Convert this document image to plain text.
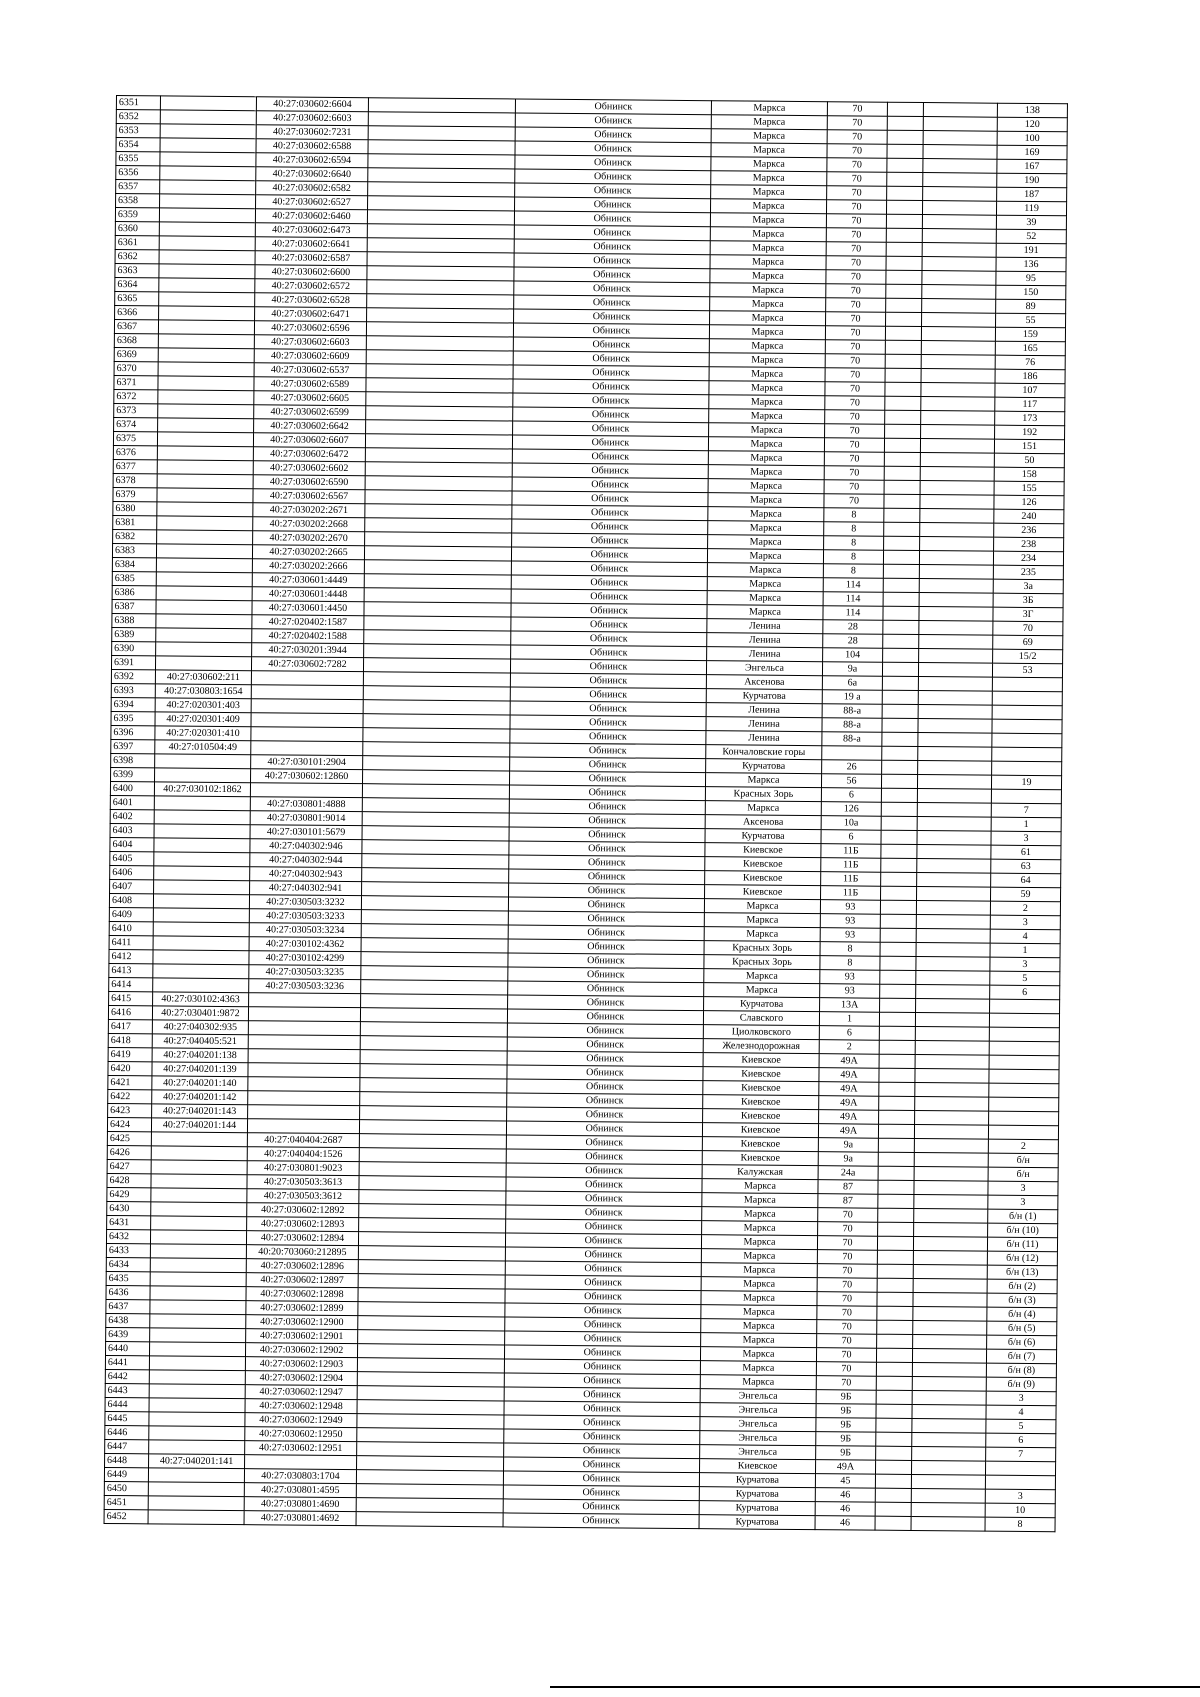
6351		40:27:030602:6604		Обнинск	Маркса	70			138
6352		40:27:030602:6603		Обнинск	Маркса	70			120
6353		40:27:030602:7231		Обнинск	Маркса	70			100
6354		40:27:030602:6588		Обнинск	Маркса	70			169
6355		40:27:030602:6594		Обнинск	Маркса	70			167
6356		40:27:030602:6640		Обнинск	Маркса	70			190
6357		40:27:030602:6582		Обнинск	Маркса	70			187
6358		40:27:030602:6527		Обнинск	Маркса	70			119
6359		40:27:030602:6460		Обнинск	Маркса	70			39
6360		40:27:030602:6473		Обнинск	Маркса	70			52
6361		40:27:030602:6641		Обнинск	Маркса	70			191
6362		40:27:030602:6587		Обнинск	Маркса	70			136
6363		40:27:030602:6600		Обнинск	Маркса	70			95
6364		40:27:030602:6572		Обнинск	Маркса	70			150
6365		40:27:030602:6528		Обнинск	Маркса	70			89
6366		40:27:030602:6471		Обнинск	Маркса	70			55
6367		40:27:030602:6596		Обнинск	Маркса	70			159
6368		40:27:030602:6603		Обнинск	Маркса	70			165
6369		40:27:030602:6609		Обнинск	Маркса	70			76
6370		40:27:030602:6537		Обнинск	Маркса	70			186
6371		40:27:030602:6589		Обнинск	Маркса	70			107
6372		40:27:030602:6605		Обнинск	Маркса	70			117
6373		40:27:030602:6599		Обнинск	Маркса	70			173
6374		40:27:030602:6642		Обнинск	Маркса	70			192
6375		40:27:030602:6607		Обнинск	Маркса	70			151
6376		40:27:030602:6472		Обнинск	Маркса	70			50
6377		40:27:030602:6602		Обнинск	Маркса	70			158
6378		40:27:030602:6590		Обнинск	Маркса	70			155
6379		40:27:030602:6567		Обнинск	Маркса	70			126
6380		40:27:030202:2671		Обнинск	Маркса	8			240
6381		40:27:030202:2668		Обнинск	Маркса	8			236
6382		40:27:030202:2670		Обнинск	Маркса	8			238
6383		40:27:030202:2665		Обнинск	Маркса	8			234
6384		40:27:030202:2666		Обнинск	Маркса	8			235
6385		40:27:030601:4449		Обнинск	Маркса	114			3а
6386		40:27:030601:4448		Обнинск	Маркса	114			3Б
6387		40:27:030601:4450		Обнинск	Маркса	114			3Г
6388		40:27:020402:1587		Обнинск	Ленина	28			70
6389		40:27:020402:1588		Обнинск	Ленина	28			69
6390		40:27:030201:3944		Обнинск	Ленина	104			15/2
6391		40:27:030602:7282		Обнинск	Энгельса	9а			53
6392	40:27:030602:211			Обнинск	Аксенова	6а			
6393	40:27:030803:1654			Обнинск	Курчатова	19 а			
6394	40:27:020301:403			Обнинск	Ленина	88-а			
6395	40:27:020301:409			Обнинск	Ленина	88-а			
6396	40:27:020301:410			Обнинск	Ленина	88-а			
6397	40:27:010504:49			Обнинск	Кончаловские горы				
6398		40:27:030101:2904		Обнинск	Курчатова	26			
6399		40:27:030602:12860		Обнинск	Маркса	56			19
6400	40:27:030102:1862			Обнинск	Красных Зорь	6			
6401		40:27:030801:4888		Обнинск	Маркса	126			7
6402		40:27:030801:9014		Обнинск	Аксенова	10а			1
6403		40:27:030101:5679		Обнинск	Курчатова	6			3
6404		40:27:040302:946		Обнинск	Киевское	11Б			61
6405		40:27:040302:944		Обнинск	Киевское	11Б			63
6406		40:27:040302:943		Обнинск	Киевское	11Б			64
6407		40:27:040302:941		Обнинск	Киевское	11Б			59
6408		40:27:030503:3232		Обнинск	Маркса	93			2
6409		40:27:030503:3233		Обнинск	Маркса	93			3
6410		40:27:030503:3234		Обнинск	Маркса	93			4
6411		40:27:030102:4362		Обнинск	Красных Зорь	8			1
6412		40:27:030102:4299		Обнинск	Красных Зорь	8			3
6413		40:27:030503:3235		Обнинск	Маркса	93			5
6414		40:27:030503:3236		Обнинск	Маркса	93			6
6415	40:27:030102:4363			Обнинск	Курчатова	13А			
6416	40:27:030401:9872			Обнинск	Славского	1			
6417	40:27:040302:935			Обнинск	Циолковского	6			
6418	40:27:040405:521			Обнинск	Железнодорожная	2			
6419	40:27:040201:138			Обнинск	Киевское	49А			
6420	40:27:040201:139			Обнинск	Киевское	49А			
6421	40:27:040201:140			Обнинск	Киевское	49А			
6422	40:27:040201:142			Обнинск	Киевское	49А			
6423	40:27:040201:143			Обнинск	Киевское	49А			
6424	40:27:040201:144			Обнинск	Киевское	49А			
6425		40:27:040404:2687		Обнинск	Киевское	9а			2
6426		40:27:040404:1526		Обнинск	Киевское	9а			б/н
6427		40:27:030801:9023		Обнинск	Калужская	24а			б/н
6428		40:27:030503:3613		Обнинск	Маркса	87			3
6429		40:27:030503:3612		Обнинск	Маркса	87			3
6430		40:27:030602:12892		Обнинск	Маркса	70			б/н (1)
6431		40:27:030602:12893		Обнинск	Маркса	70			б/н (10)
6432		40:27:030602:12894		Обнинск	Маркса	70			б/н (11)
6433		40:20:703060:212895		Обнинск	Маркса	70			б/н (12)
6434		40:27:030602:12896		Обнинск	Маркса	70			б/н (13)
6435		40:27:030602:12897		Обнинск	Маркса	70			б/н (2)
6436		40:27:030602:12898		Обнинск	Маркса	70			б/н (3)
6437		40:27:030602:12899		Обнинск	Маркса	70			б/н (4)
6438		40:27:030602:12900		Обнинск	Маркса	70			б/н (5)
6439		40:27:030602:12901		Обнинск	Маркса	70			б/н (6)
6440		40:27:030602:12902		Обнинск	Маркса	70			б/н (7)
6441		40:27:030602:12903		Обнинск	Маркса	70			б/н (8)
6442		40:27:030602:12904		Обнинск	Маркса	70			б/н (9)
6443		40:27:030602:12947		Обнинск	Энгельса	9Б			3
6444		40:27:030602:12948		Обнинск	Энгельса	9Б			4
6445		40:27:030602:12949		Обнинск	Энгельса	9Б			5
6446		40:27:030602:12950		Обнинск	Энгельса	9Б			6
6447		40:27:030602:12951		Обнинск	Энгельса	9Б			7
6448	40:27:040201:141			Обнинск	Киевское	49А			
6449		40:27:030803:1704		Обнинск	Курчатова	45			
6450		40:27:030801:4595		Обнинск	Курчатова	46			3
6451		40:27:030801:4690		Обнинск	Курчатова	46			10
6452		40:27:030801:4692		Обнинск	Курчатова	46			8
